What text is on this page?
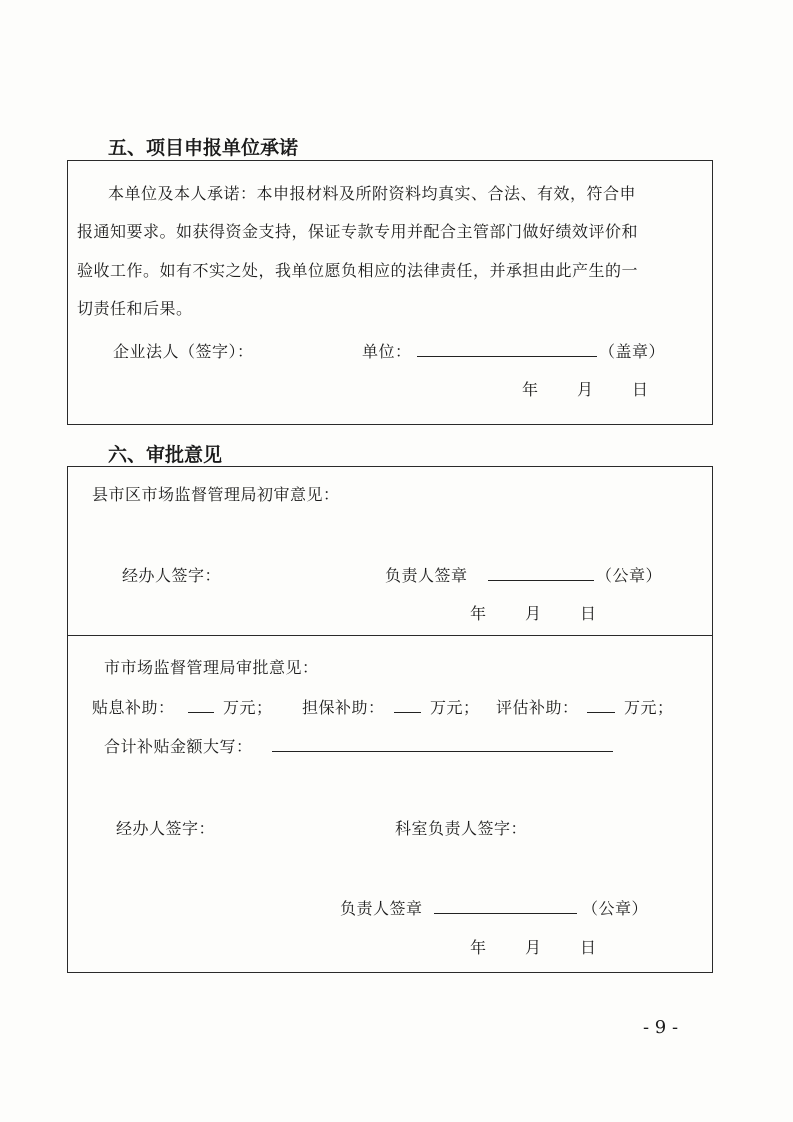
五、项目申报单位承诺
本单位及本人承诺：本申报材料及所附资料均真实、合法、有效，符合申
报通知要求。如获得资金支持，保证专款专用并配合主管部门做好绩效评价和
验收工作。如有不实之处，我单位愿负相应的法律责任，并承担由此产生的一
切责任和后果。
企业法人（签字）：	单位：	（盖章）
年 月 日
六、审批意见
县市区市场监督管理局初审意见：
经办人签字：	负责人签章	（公章）
年 月 日
市市场监督管理局审批意见：
贴息补助：	万元； 担保补助：	万元； 评估补助：	万元；
合计补贴金额大写：
经办人签字：	科室负责人签字：
负责人签章	（公章）
年 月 日
- 9 -
